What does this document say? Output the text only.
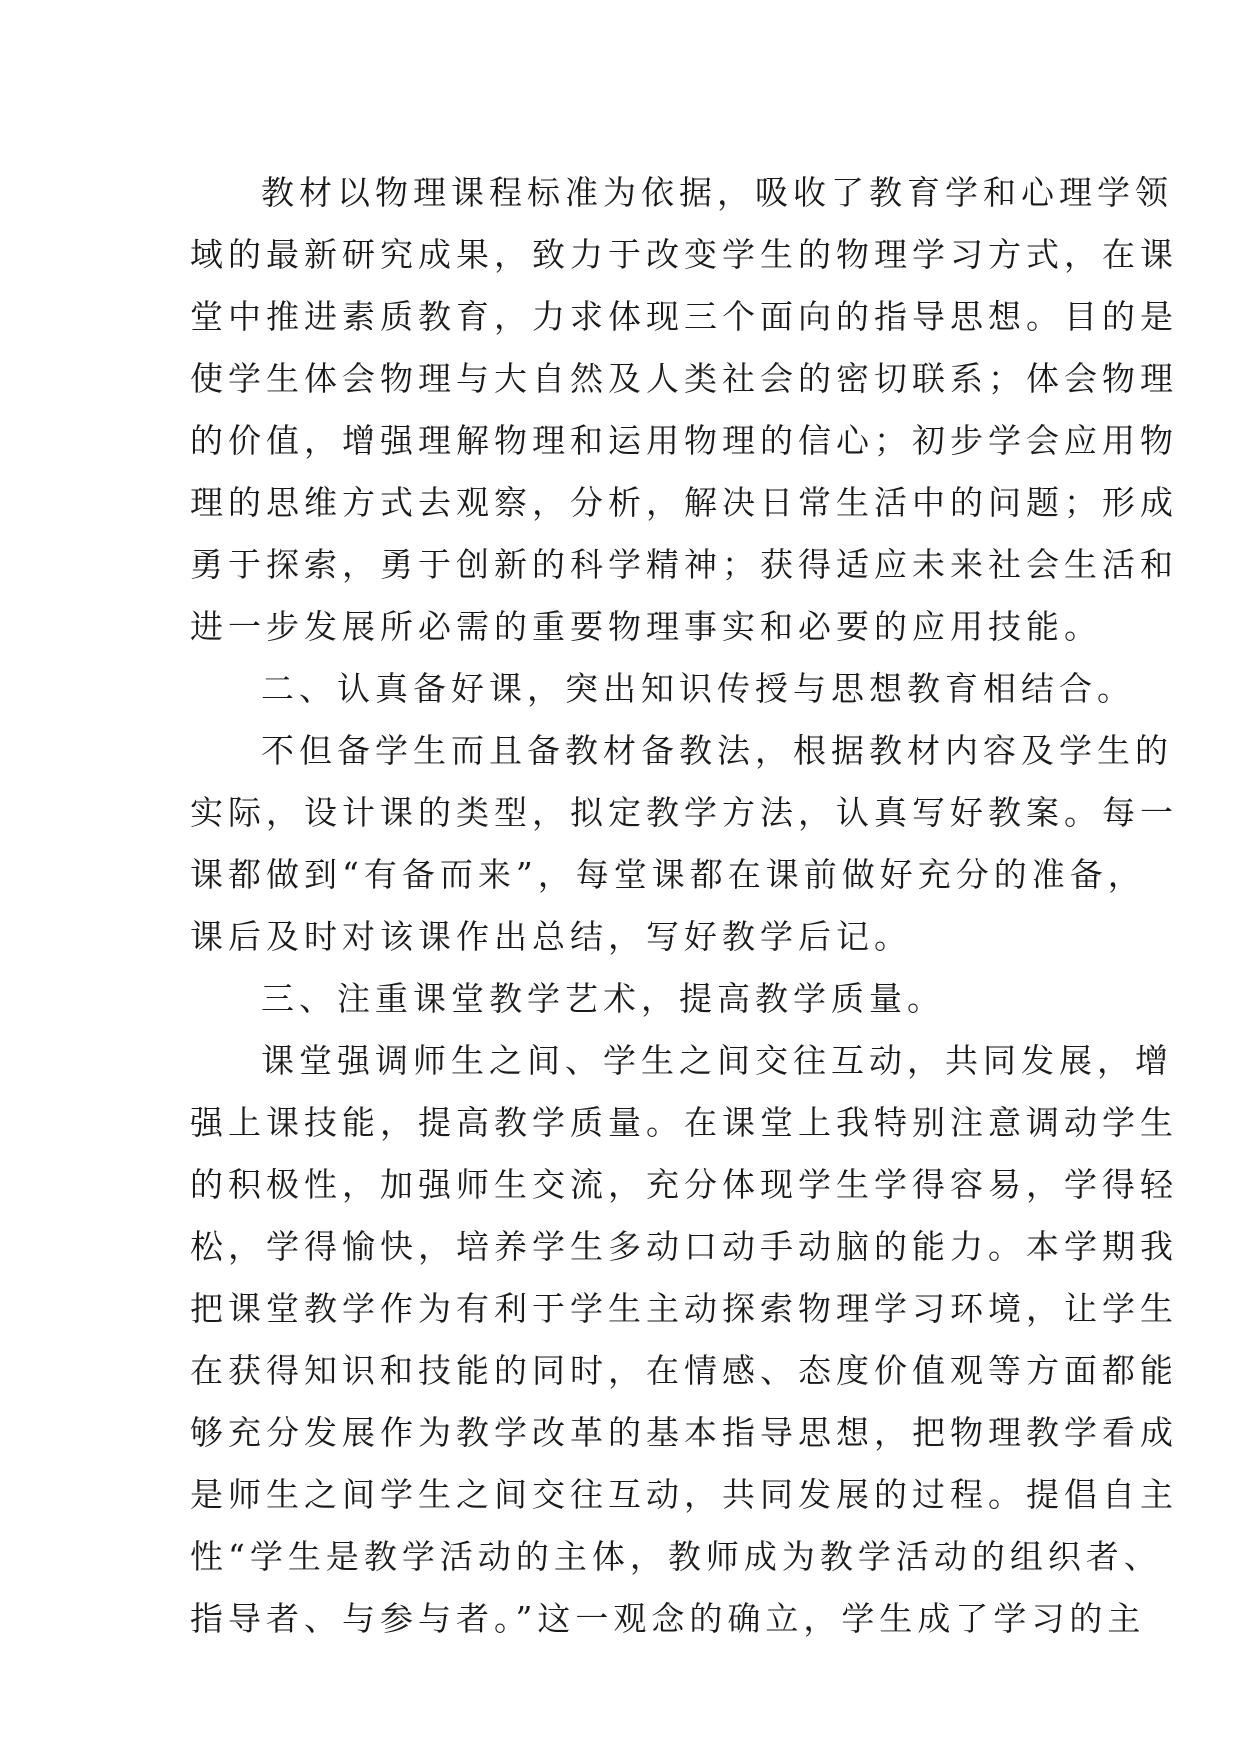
教材以物理课程标准为依据，吸收了教育学和心理学领
域的最新研究成果，致力于改变学生的物理学习方式，在课
堂中推进素质教育，力求体现三个面向的指导思想。目的是
使学生体会物理与大自然及人类社会的密切联系；体会物理
的价值，增强理解物理和运用物理的信心；初步学会应用物
理的思维方式去观察，分析，解决日常生活中的问题；形成
勇于探索，勇于创新的科学精神；获得适应未来社会生活和
进一步发展所必需的重要物理事实和必要的应用技能。
二、认真备好课，突出知识传授与思想教育相结合。
不但备学生而且备教材备教法，根据教材内容及学生的
实际，设计课的类型，拟定教学方法，认真写好教案。每一
课都做到“有备而来”，每堂课都在课前做好充分的准备，
课后及时对该课作出总结，写好教学后记。
三、注重课堂教学艺术，提高教学质量。
课堂强调师生之间、学生之间交往互动，共同发展，增
强上课技能，提高教学质量。在课堂上我特别注意调动学生
的积极性，加强师生交流，充分体现学生学得容易，学得轻
松，学得愉快，培养学生多动口动手动脑的能力。本学期我
把课堂教学作为有利于学生主动探索物理学习环境，让学生
在获得知识和技能的同时，在情感、态度价值观等方面都能
够充分发展作为教学改革的基本指导思想，把物理教学看成
是师生之间学生之间交往互动，共同发展的过程。提倡自主
性“学生是教学活动的主体，教师成为教学活动的组织者、
指导者、与参与者。”这一观念的确立，学生成了学习的主
